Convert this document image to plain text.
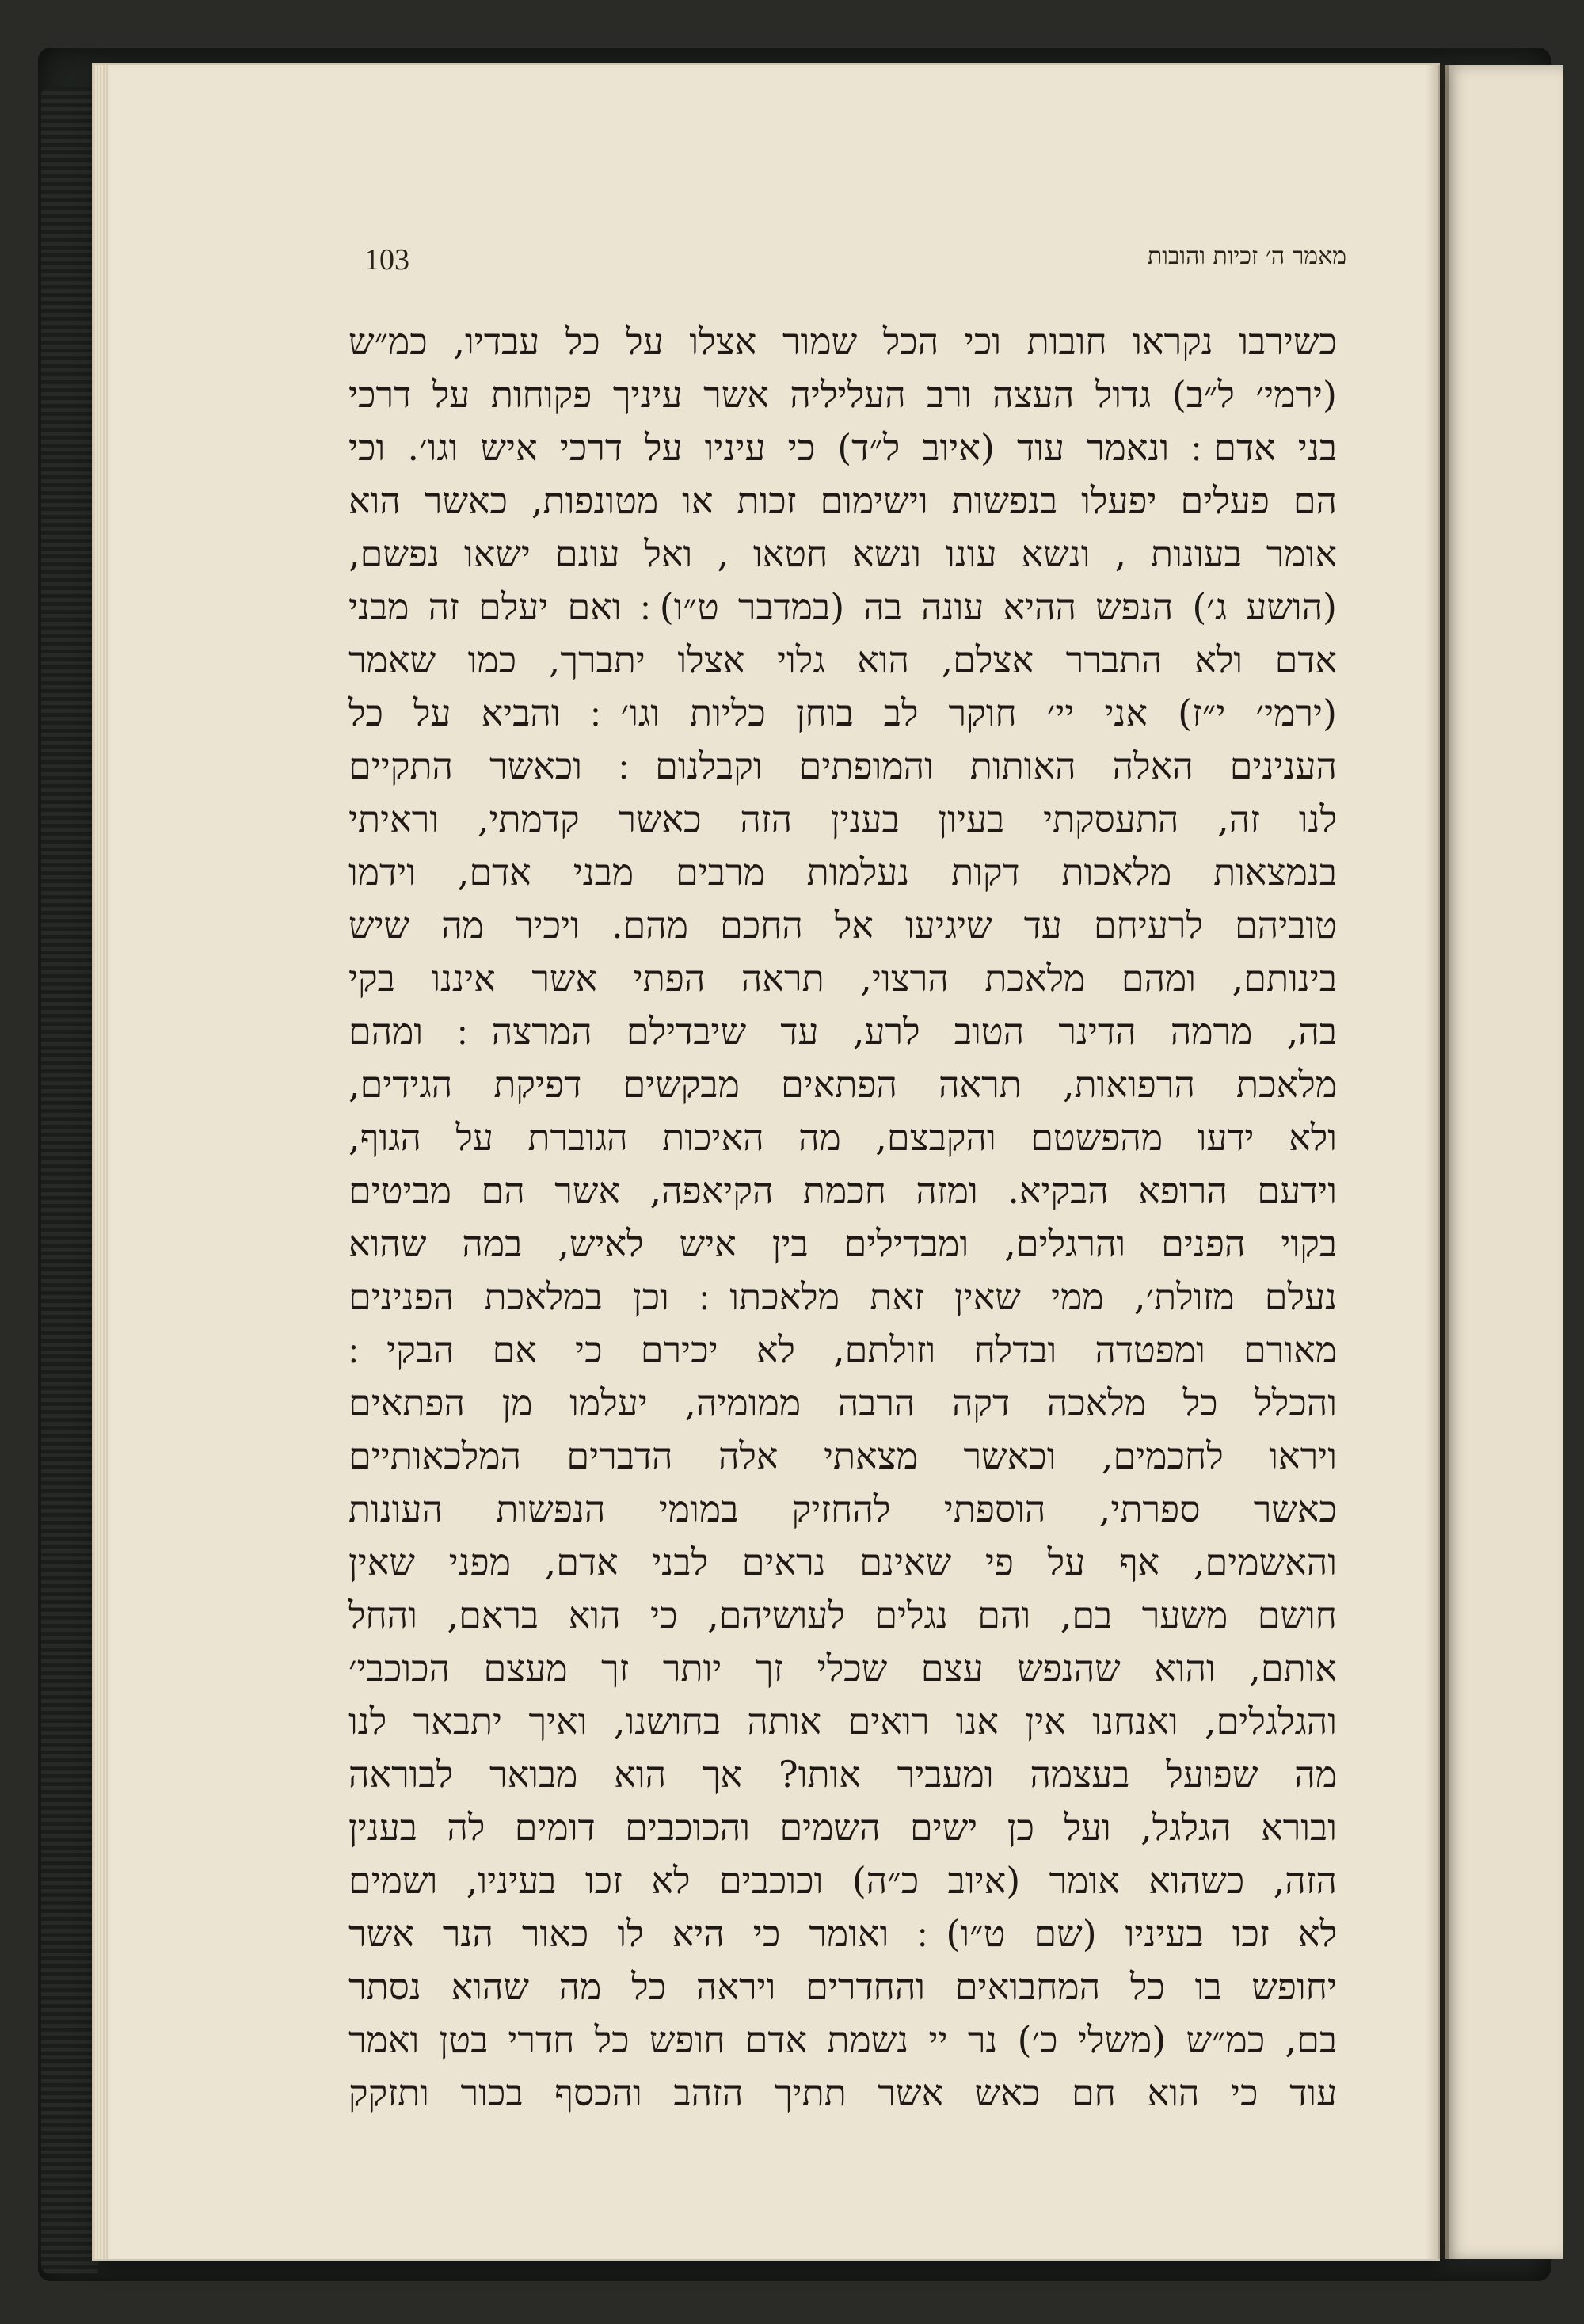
103	מאמר ה׳ זכיות והובות
כשירבו נקראו חובות וכי הכל שמור אצלו על כל עבדיו, כמ״ש
(ירמי׳ ל״ב) גדול העצה ורב העליליה אשר עיניך פקוחות על דרכי
בני אדם ׃ ונאמר עוד (איוב ל״ד) כי עיניו על דרכי איש וגו׳. וכי
הם פעלים יפעלו בנפשות וישימום זכות או מטונפות, כאשר הוא
אומר בעונות , ונשא עונו ונשא חטאו , ואל עונם ישאו נפשם,
(הושע ג׳) הנפש ההיא עונה בה (במדבר ט״ו) ׃ ואם יעלם זה מבני
אדם ולא התברר אצלם, הוא גלוי אצלו יתברך, כמו שאמר
(ירמי׳ י״ז) אני יי׳ חוקר לב בוחן כליות וגו׳ ׃ והביא על כל
הענינים האלה האותות והמופתים וקבלנום ׃ וכאשר התקיים
לנו זה, התעסקתי בעיון בענין הזה כאשר קדמתי, וראיתי
בנמצאות מלאכות דקות נעלמות מרבים מבני אדם, וידמו
טוביהם לרעיחם עד שיגיעו אל החכם מהם. ויכיר מה שיש
בינותם, ומהם מלאכת הרצוי, תראה הפתי אשר איננו בקי
בה, מרמה הדינר הטוב לרע, עד שיבדילם המרצה ׃ ומהם
מלאכת הרפואות, תראה הפתאים מבקשים דפיקת הגידים,
ולא ידעו מהפשטם והקבצם, מה האיכות הגוברת על הגוף,
וידעם הרופא הבקיא. ומזה חכמת הקיאפה, אשר הם מביטים
בקוי הפנים והרגלים, ומבדילים בין איש לאיש, במה שהוא
נעלם מזולת׳, ממי שאין זאת מלאכתו ׃ וכן במלאכת הפנינים
מאורם ומפטדה ובדלח וזולתם, לא יכירם כי אם הבקי ׃
והכלל כל מלאכה דקה הרבה ממומיה, יעלמו מן הפתאים
ויראו לחכמים, וכאשר מצאתי אלה הדברים המלכאותיים
כאשר ספרתי, הוספתי להחזיק במומי הנפשות העונות
והאשמים, אף על פי שאינם נראים לבני אדם, מפני שאין
חושם משער בם, והם נגלים לעושיהם, כי הוא בראם, והחל
אותם, והוא שהנפש עצם שכלי זך יותר זך מעצם הכוכבי׳
והגלגלים, ואנחנו אין אנו רואים אותה בחושנו, ואיך יתבאר לנו
מה שפועל בעצמה ומעביר אותו? אך הוא מבואר לבוראה
ובורא הגלגל, ועל כן ישים השמים והכוכבים דומים לה בענין
הזה, כשהוא אומר (איוב כ״ה) וכוכבים לא זכו בעיניו, ושמים
לא זכו בעיניו (שם ט״ו) ׃ ואומר כי היא לו כאור הנר אשר
יחופש בו כל המחבואים והחדרים ויראה כל מה שהוא נסתר
בם, כמ״ש (משלי כ׳) נר יי נשמת אדם חופש כל חדרי בטן ואמר
עוד כי הוא חם כאש אשר תתיך הזהב והכסף בכור ותזקק
